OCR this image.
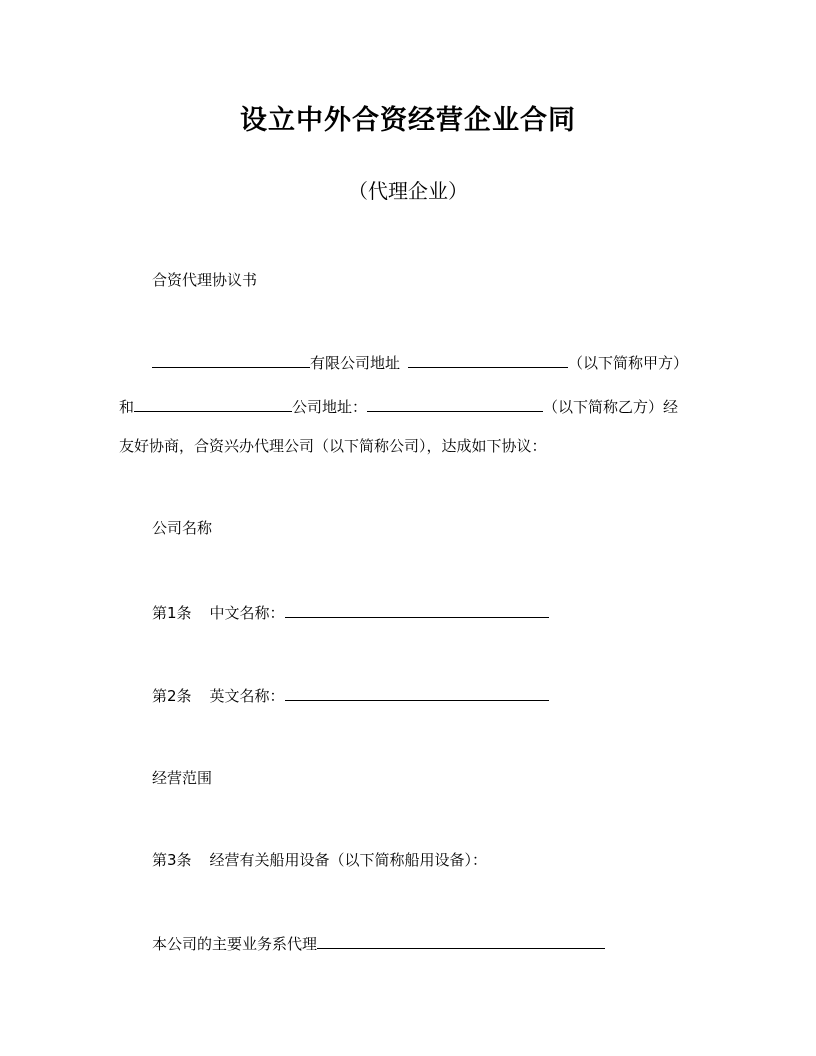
设立中外合资经营企业合同
（代理企业）
合资代理协议书
有限公司地址	（以下简称甲方）
和	公司地址：	（以下简称乙方）经
友好协商，合资兴办代理公司（以下简称公司），达成如下协议：
公司名称
第1条 中文名称：
第2条 英文名称：
经营范围
第3条 经营有关船用设备（以下简称船用设备）：
本公司的主要业务系代理
